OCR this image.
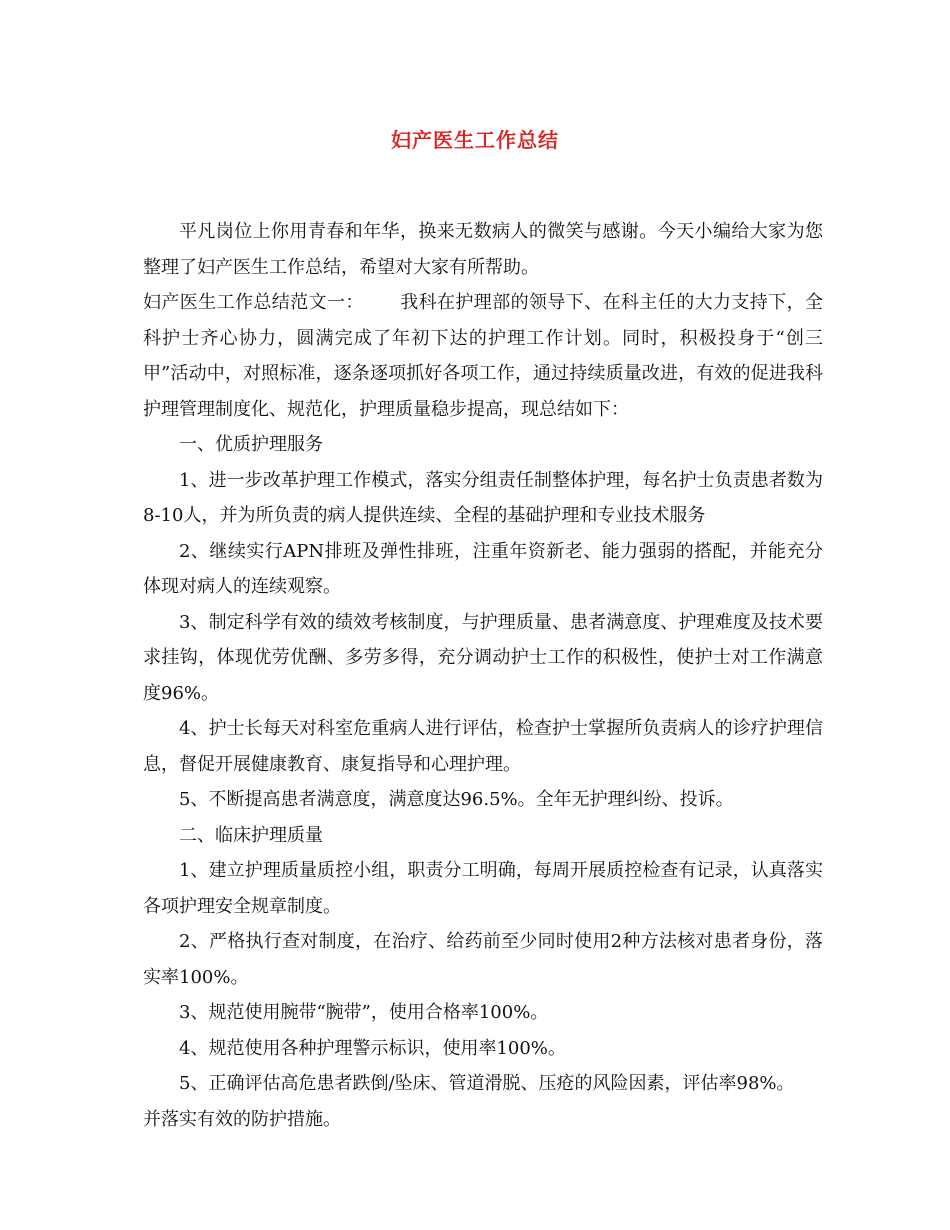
妇产医生工作总结

平凡岗位上你用青春和年华，换来无数病人的微笑与感谢。今天小编给大家为您整理了妇产医生工作总结，希望对大家有所帮助。

妇产医生工作总结范文一： 我科在护理部的领导下、在科主任的大力支持下，全科护士齐心协力，圆满完成了年初下达的护理工作计划。同时，积极投身于“创三甲”活动中，对照标准，逐条逐项抓好各项工作，通过持续质量改进，有效的促进我科护理管理制度化、规范化，护理质量稳步提高，现总结如下：

一、优质护理服务

1、进一步改革护理工作模式，落实分组责任制整体护理，每名护士负责患者数为8-10人，并为所负责的病人提供连续、全程的基础护理和专业技术服务

2、继续实行APN排班及弹性排班，注重年资新老、能力强弱的搭配，并能充分体现对病人的连续观察。

3、制定科学有效的绩效考核制度，与护理质量、患者满意度、护理难度及技术要求挂钩，体现优劳优酬、多劳多得，充分调动护士工作的积极性，使护士对工作满意度96%。

4、护士长每天对科室危重病人进行评估，检查护士掌握所负责病人的诊疗护理信息，督促开展健康教育、康复指导和心理护理。

5、不断提高患者满意度，满意度达96.5%。全年无护理纠纷、投诉。

二、临床护理质量

1、建立护理质量质控小组，职责分工明确，每周开展质控检查有记录，认真落实各项护理安全规章制度。

2、严格执行查对制度，在治疗、给药前至少同时使用2种方法核对患者身份，落实率100%。

3、规范使用腕带“腕带”，使用合格率100%。

4、规范使用各种护理警示标识，使用率100%。

5、正确评估高危患者跌倒/坠床、管道滑脱、压疮的风险因素，评估率98%。

并落实有效的防护措施。
